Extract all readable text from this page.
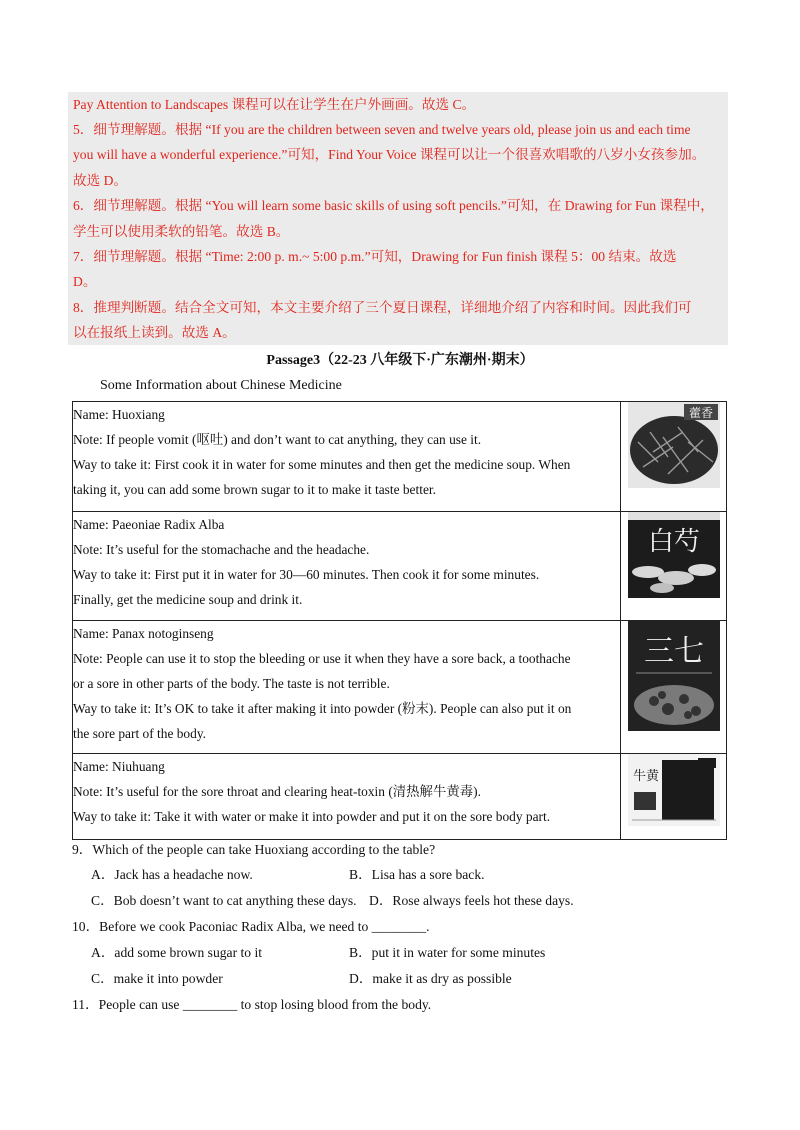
Pay Attention to Landscapes 课程可以在让学生在户外画画。故选 C。
5．细节理解题。根据 “If you are the children between seven and twelve years old, please join us and each time
you will have a wonderful experience.”可知，Find Your Voice 课程可以让一个很喜欢唱歌的八岁小女孩参加。
故选 D。
6．细节理解题。根据 “You will learn some basic skills of using soft pencils.”可知，在 Drawing for Fun 课程中，
学生可以使用柔软的铅笔。故选 B。
7．细节理解题。根据 “Time: 2:00 p. m.~ 5:00 p.m.”可知，Drawing for Fun finish 课程 5：00 结束。故选
D。
8．推理判断题。结合全文可知，本文主要介绍了三个夏日课程，详细地介绍了内容和时间。因此我们可
以在报纸上读到。故选 A。
Passage3（22-23 八年级下·广东潮州·期末）
Some Information about Chinese Medicine
Name: Huoxiang
Note: If people vomit (呕吐) and don’t want to cat anything, they can use it.
Way to take it: First cook it in water for some minutes and then get the medicine soup. When
taking it, you can add some brown sugar to it to make it taste better.	藿香

Name: Paeoniae Radix Alba
Note: It’s useful for the stomachache and the headache.
Way to take it: First put it in water for 30—60 minutes. Then cook it for some minutes.
Finally, get the medicine soup and drink it.	白芍

Name: Panax notoginseng
Note: People can use it to stop the bleeding or use it when they have a sore back, a toothache
or a sore in other parts of the body. The taste is not terrible.
Way to take it: It’s OK to take it after making it into powder (粉末). People can also put it on
the sore part of the body.	三七

Name: Niuhuang
Note: It’s useful for the sore throat and clearing heat-toxin (清热解牛黄毒).
Way to take it: Take it with water or make it into powder and put it on the sore body part.	牛黄
9．Which of the people can take Huoxiang according to the table?
A．Jack has a headache now.	B．Lisa has a sore back.
C．Bob doesn’t want to cat anything these days. D．Rose always feels hot these days.
10．Before we cook Paconiac Radix Alba, we need to ________.
A．add some brown sugar to it	B．put it in water for some minutes
C．make it into powder	D．make it as dry as possible
11．People can use ________ to stop losing blood from the body.
